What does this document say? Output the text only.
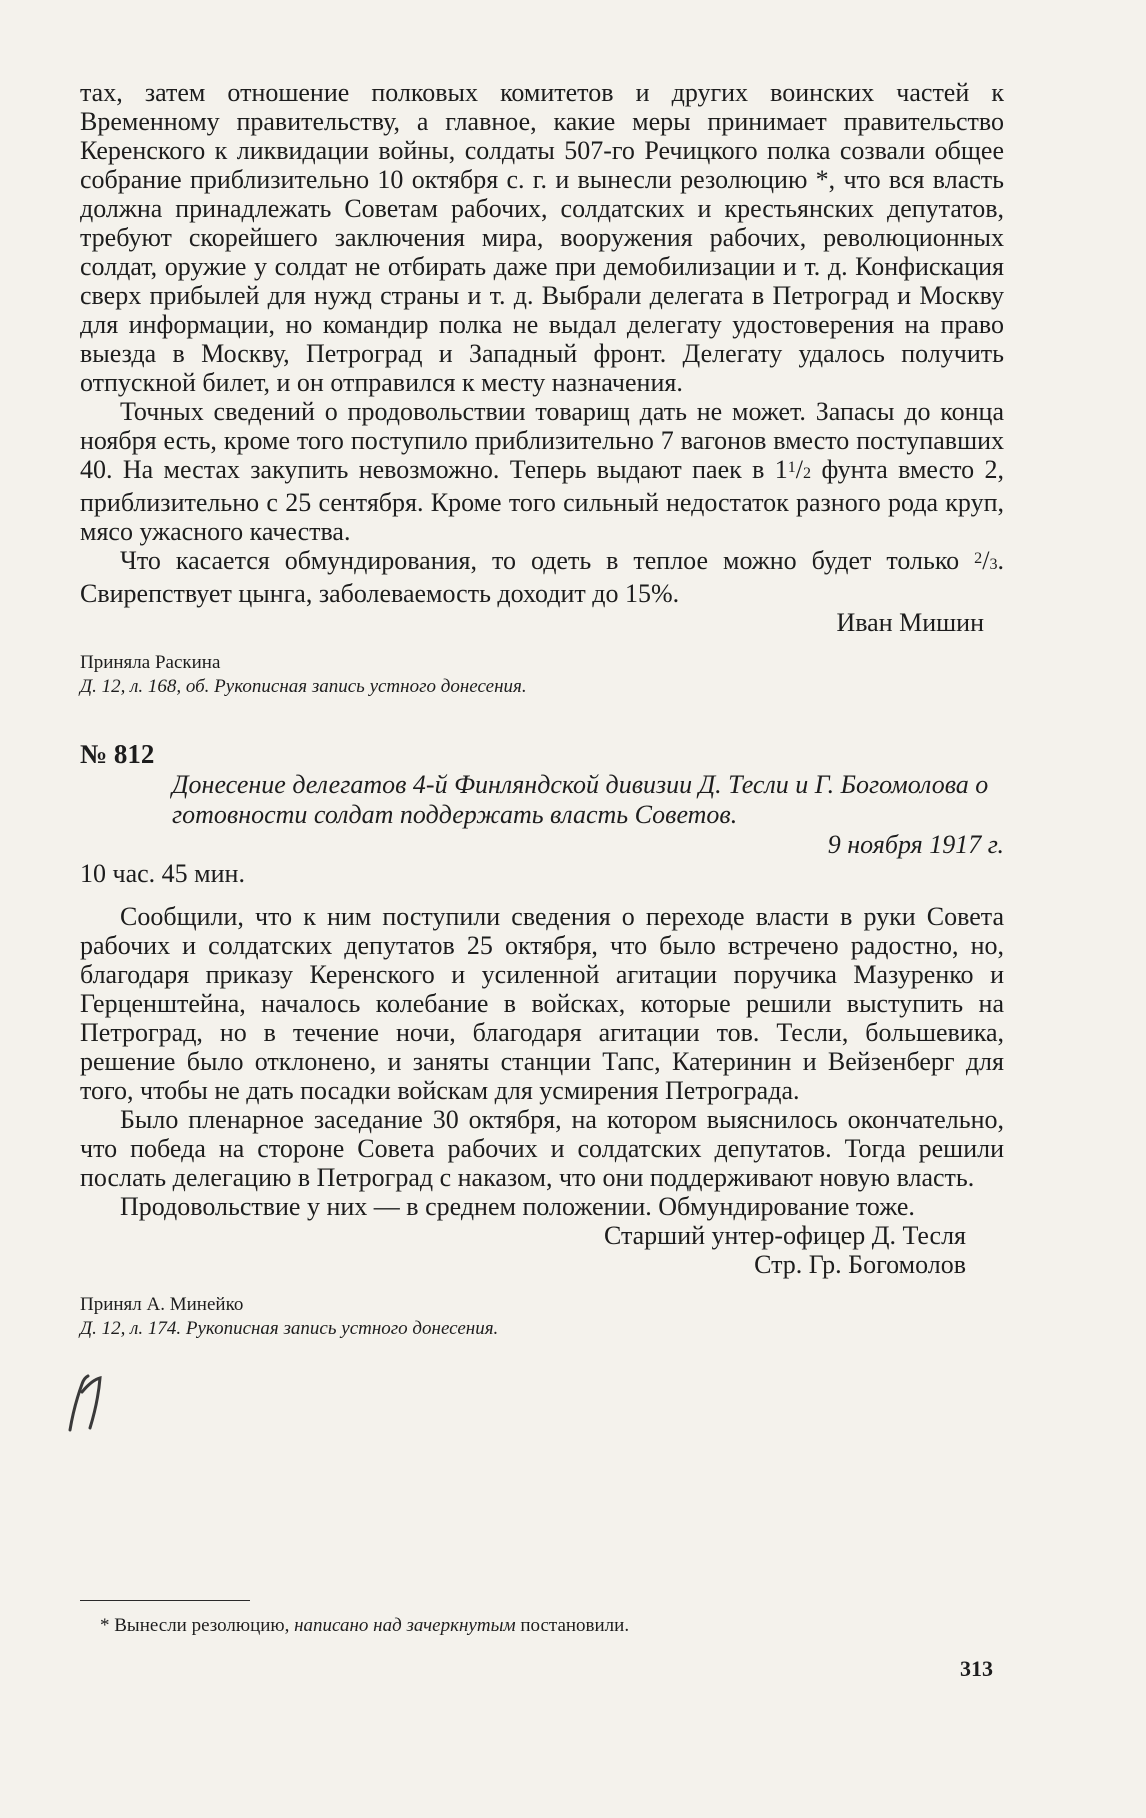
тах, затем отношение полковых комитетов и других воинских частей к Временному правительству, а главное, какие меры принимает правительство Керенского к ликвидации войны, солдаты 507-го Речицкого полка созвали общее собрание приблизительно 10 октября с. г. и вынесли резолюцию *, что вся власть должна принадлежать Советам рабочих, солдатских и крестьянских депутатов, требуют скорейшего заключения мира, вооружения рабочих, революционных солдат, оружие у солдат не отбирать даже при демобилизации и т. д. Конфискация сверх прибылей для нужд страны и т. д. Выбрали делегата в Петроград и Москву для информации, но командир полка не выдал делегату удостоверения на право выезда в Москву, Петроград и Западный фронт. Делегату удалось получить отпускной билет, и он отправился к месту назначения.

Точных сведений о продовольствии товарищ дать не может. Запасы до конца ноября есть, кроме того поступило приблизительно 7 вагонов вместо поступавших 40. На местах закупить невозможно. Теперь выдают паек в $1^1/2$ фунта вместо 2, приблизительно с 25 сентября. Кроме того сильный недостаток разного рода круп, мясо ужасного качества.

Что касается обмундирования, то одеть в теплое можно будет только $^2$/3. Свирепствует цынга, заболеваемость доходит до 15%.

Иван Мишин

Приняла Раскина

Д. 12, л. 168, об. Рукописная запись устного донесения.

№ 812

Донесение делегатов 4-й Финляндской дивизии Д. Тесли и Г. Богомолова о готовности солдат поддержать власть Советов.

9 ноября 1917 г.

10 час. 45 мин.

Сообщили, что к ним поступили сведения о переходе власти в руки Совета рабочих и солдатских депутатов 25 октября, что было встречено радостно, но, благодаря приказу Керенского и усиленной агитации поручика Мазуренко и Герценштейна, началось колебание в войсках, которые решили выступить на Петроград, но в течение ночи, благодаря агитации тов. Тесли, большевика, решение было отклонено, и заняты станции Тапс, Катеринин и Вейзенберг для того, чтобы не дать посадки войскам для усмирения Петрограда.

Было пленарное заседание 30 октября, на котором выяснилось окончательно, что победа на стороне Совета рабочих и солдатских депутатов. Тогда решили послать делегацию в Петроград с наказом, что они поддерживают новую власть.

Продовольствие у них — в среднем положении. Обмундирование тоже.

Старший унтер-офицер Д. Тесля

Стр. Гр. Богомолов

Принял А. Минейко

Д. 12, л. 174. Рукописная запись устного донесения.

* Вынесли резолюцию, написано над зачеркнутым постановили.
313
